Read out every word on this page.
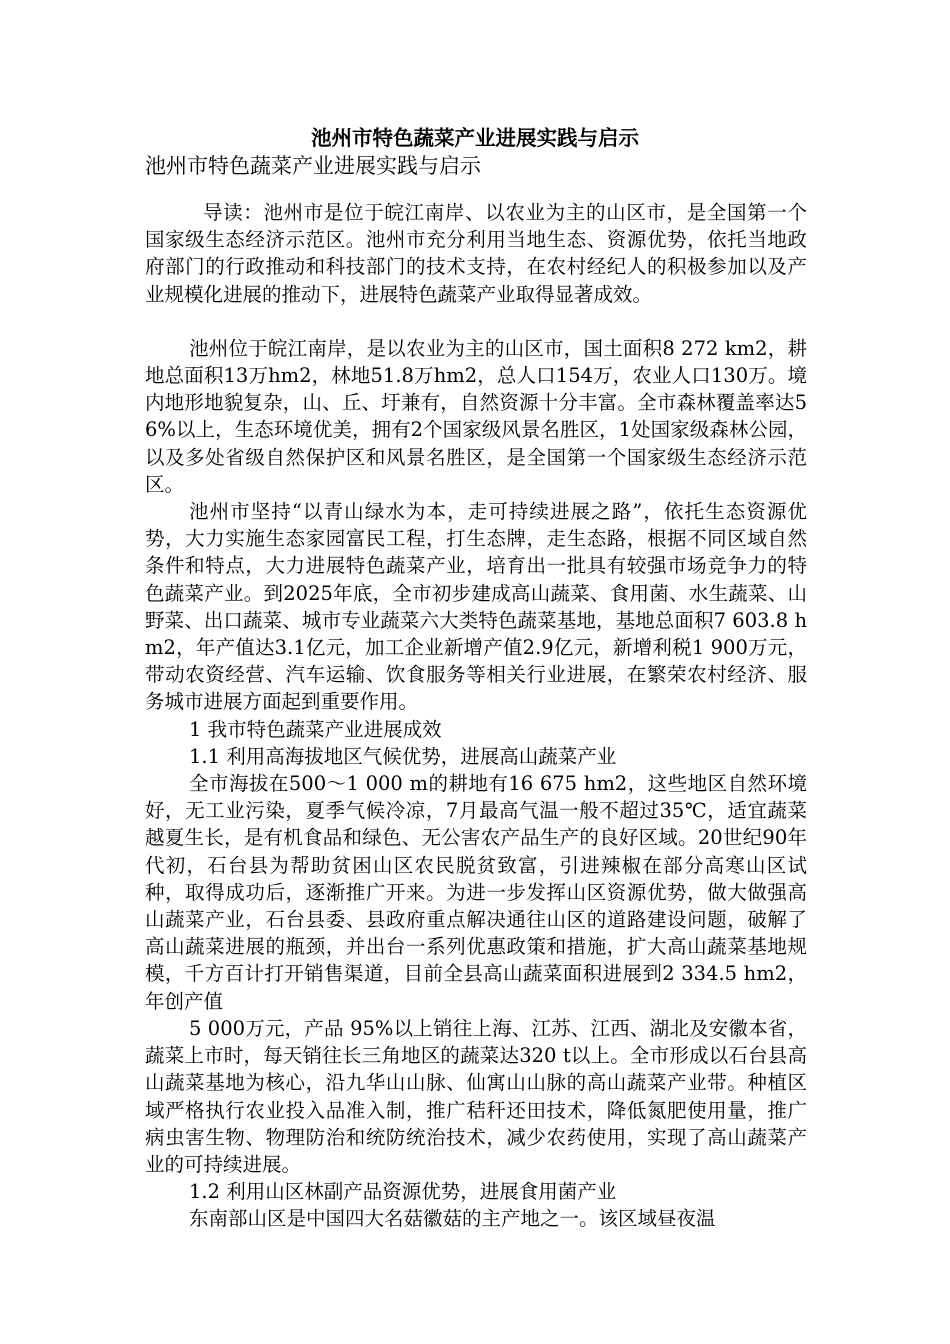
池州市特色蔬菜产业进展实践与启示

池州市特色蔬菜产业进展实践与启示

导读：池州市是位于皖江南岸、以农业为主的山区市，是全国第一个国家级生态经济示范区。池州市充分利用当地生态、资源优势，依托当地政府部门的行政推动和科技部门的技术支持，在农村经纪人的积极参加以及产业规模化进展的推动下，进展特色蔬菜产业取得显著成效。

池州位于皖江南岸，是以农业为主的山区市，国土面积8 272 km2，耕地总面积13万hm2，林地51.8万hm2，总人口154万，农业人口130万。境内地形地貌复杂，山、丘、圩兼有，自然资源十分丰富。全市森林覆盖率达56%以上，生态环境优美，拥有2个国家级风景名胜区，1处国家级森林公园，以及多处省级自然保护区和风景名胜区，是全国第一个国家级生态经济示范区。

池州市坚持“以青山绿水为本，走可持续进展之路”，依托生态资源优势，大力实施生态家园富民工程，打生态牌，走生态路，根据不同区域自然条件和特点，大力进展特色蔬菜产业，培育出一批具有较强市场竞争力的特色蔬菜产业。到2025年底，全市初步建成高山蔬菜、食用菌、水生蔬菜、山野菜、出口蔬菜、城市专业蔬菜六大类特色蔬菜基地，基地总面积7 603.8 hm2，年产值达3.1亿元，加工企业新增产值2.9亿元，新增利税1 900万元，带动农资经营、汽车运输、饮食服务等相关行业进展，在繁荣农村经济、服务城市进展方面起到重要作用。

1 我市特色蔬菜产业进展成效

1.1 利用高海拔地区气候优势，进展高山蔬菜产业

全市海拔在500～1 000 m的耕地有16 675 hm2，这些地区自然环境好，无工业污染，夏季气候冷凉，7月最高气温一般不超过35℃，适宜蔬菜越夏生长，是有机食品和绿色、无公害农产品生产的良好区域。20世纪90年代初，石台县为帮助贫困山区农民脱贫致富，引进辣椒在部分高寒山区试种，取得成功后，逐渐推广开来。为进一步发挥山区资源优势，做大做强高山蔬菜产业，石台县委、县政府重点解决通往山区的道路建设问题，破解了高山蔬菜进展的瓶颈，并出台一系列优惠政策和措施，扩大高山蔬菜基地规模，千方百计打开销售渠道，目前全县高山蔬菜面积进展到2 334.5 hm2，年创产值

5 000万元，产品 95%以上销往上海、江苏、江西、湖北及安徽本省，蔬菜上市时，每天销往长三角地区的蔬菜达320 t以上。全市形成以石台县高山蔬菜基地为核心，沿九华山山脉、仙寓山山脉的高山蔬菜产业带。种植区域严格执行农业投入品准入制，推广秸秆还田技术，降低氮肥使用量，推广病虫害生物、物理防治和统防统治技术，减少农药使用，实现了高山蔬菜产业的可持续进展。

1.2 利用山区林副产品资源优势，进展食用菌产业

东南部山区是中国四大名菇徽菇的主产地之一。该区域昼夜温
